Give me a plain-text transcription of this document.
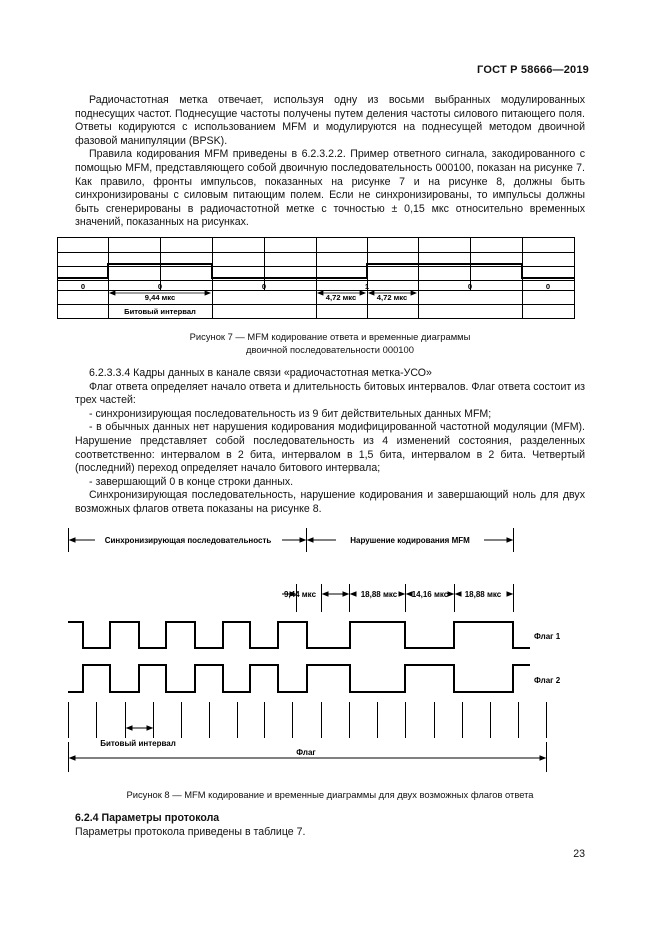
ГОСТ Р 58666—2019

Радиочастотная метка отвечает, используя одну из восьми выбранных модулированных поднесущих частот. Поднесущие частоты получены путем деления частоты силового питающего поля. Ответы кодируются с использованием MFM и модулируются на поднесущей методом двоичной фазовой манипуляции (BPSK).

Правила кодирования MFM приведены в 6.2.3.2.2. Пример ответного сигнала, закодированного с помощью MFM, представляющего собой двоичную последовательность 000100, показан на рисунке 7. Как правило, фронты импульсов, показанных на рисунке 7 и на рисунке 8, должны быть синхронизированы с силовым питающим полем. Если не синхронизированы, то импульсы должны быть сгенерированы в радиочастотной метке с точностью ± 0,15 мкс относительно временных значений, показанных на рисунках.

0	0	0	1	0	0
9,44 мкс	4,72 мкс	4,72 мкс
Битовый интервал
Рисунок 7 — MFM кодирование ответа и временные диаграммы
двоичной последовательности 000100

6.2.3.3.4 Кадры данных в канале связи «радиочастотная метка-УСО»

Флаг ответа определяет начало ответа и длительность битовых интервалов. Флаг ответа состоит из трех частей:

- синхронизирующая последовательность из 9 бит действительных данных MFM;

- в обычных данных нет нарушения кодирования модифицированной частотной модуляции (MFM). Нарушение представляет собой последовательность из 4 изменений состояния, разделенных соответственно: интервалом в 2 бита, интервалом в 1,5 бита, интервалом в 2 бита. Четвертый (последний) переход определяет начало битового интервала;

- завершающий 0 в конце строки данных.

Синхронизирующая последовательность, нарушение кодирования и завершающий ноль для двух возможных флагов ответа показаны на рисунке 8.

Синхронизирующая последовательность	Нарушение кодирования MFM
9,44 мкс	18,88 мкс 14,16 мкс 18,88 мкс
Флаг 1
Флаг 2
Битовый интервал
Флаг
Рисунок 8 — MFM кодирование и временные диаграммы для двух возможных флагов ответа
6.2.4 Параметры протокола
Параметры протокола приведены в таблице 7.
23
